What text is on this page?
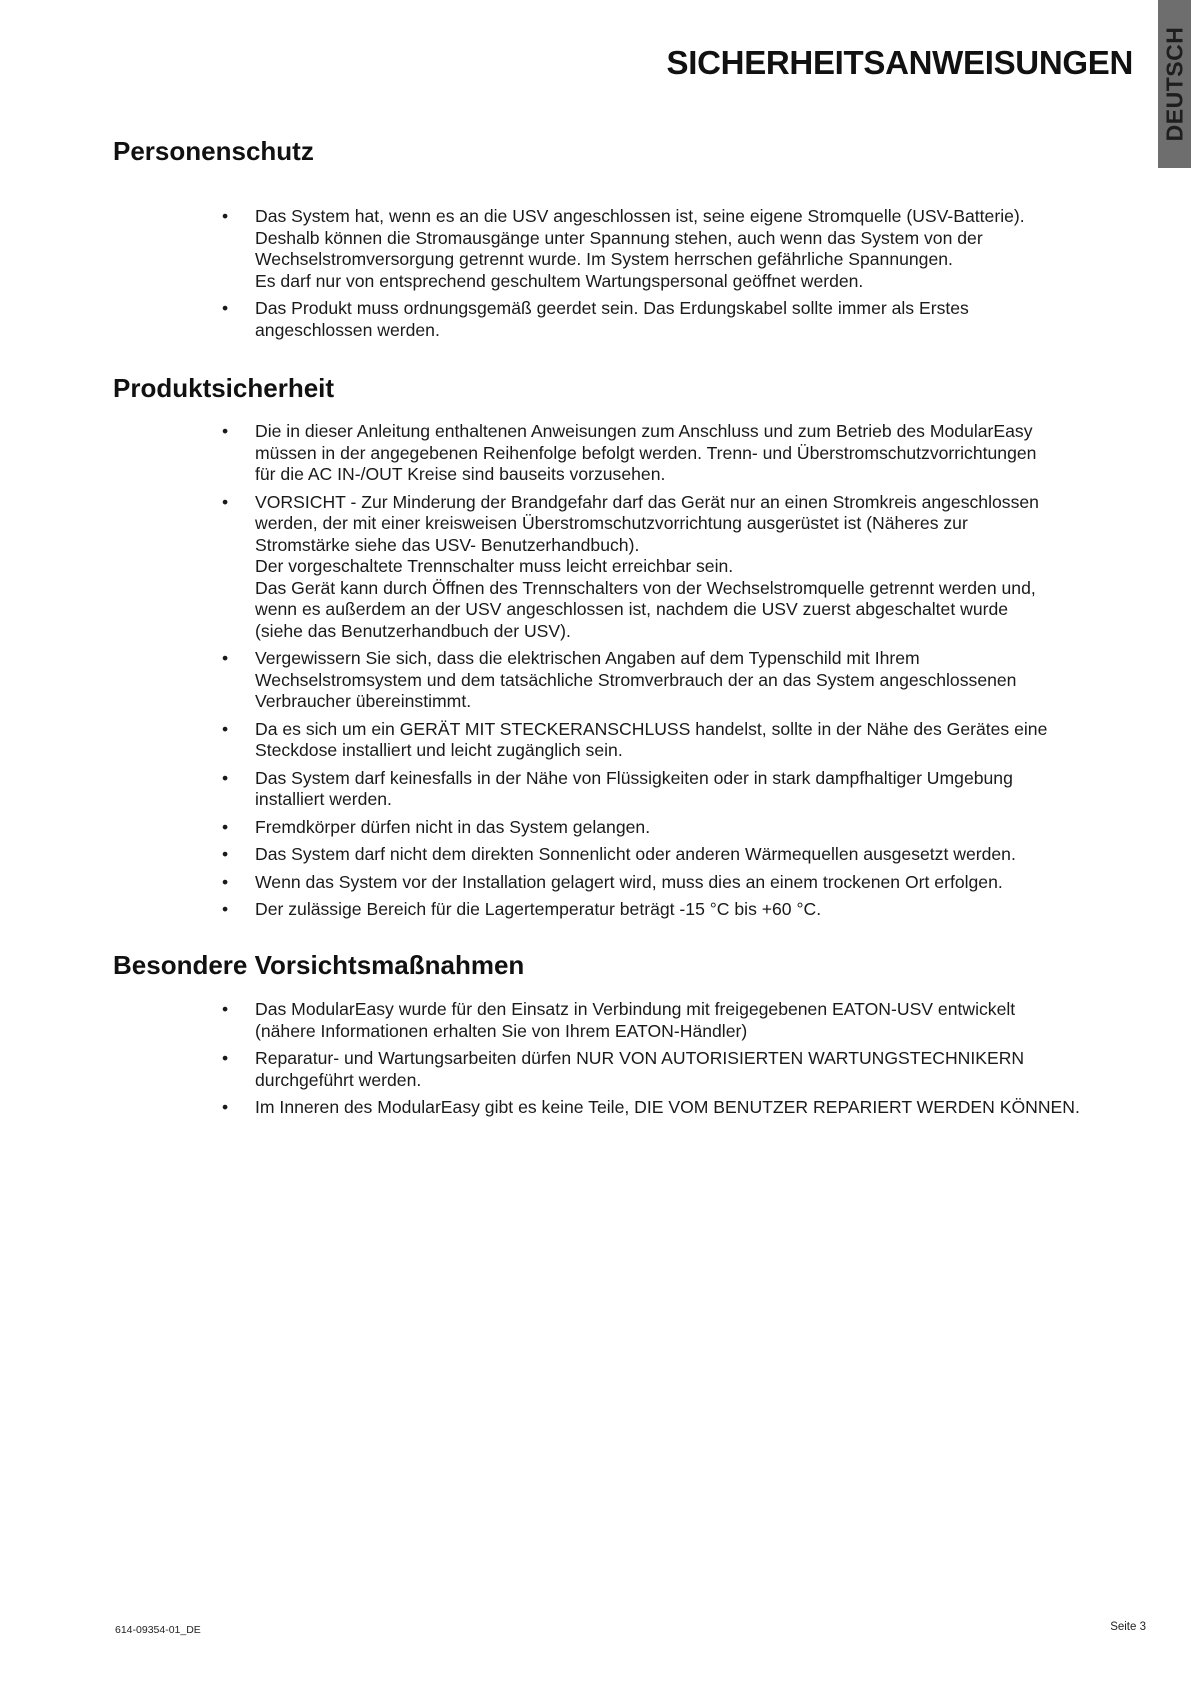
DEUTSCH
SICHERHEITSANWEISUNGEN
Personenschutz
• Das System hat, wenn es an die USV angeschlossen ist, seine eigene Stromquelle (USV-Batterie).
Deshalb können die Stromausgänge unter Spannung stehen, auch wenn das System von der
Wechselstromversorgung getrennt wurde. Im System herrschen gefährliche Spannungen.
Es darf nur von entsprechend geschultem Wartungspersonal geöffnet werden.
• Das Produkt muss ordnungsgemäß geerdet sein. Das Erdungskabel sollte immer als Erstes
angeschlossen werden.
Produktsicherheit
• Die in dieser Anleitung enthaltenen Anweisungen zum Anschluss und zum Betrieb des ModularEasy
müssen in der angegebenen Reihenfolge befolgt werden. Trenn- und Überstromschutzvorrichtungen
für die AC IN-/OUT Kreise sind bauseits vorzusehen.
• VORSICHT - Zur Minderung der Brandgefahr darf das Gerät nur an einen Stromkreis angeschlossen
werden, der mit einer kreisweisen Überstromschutzvorrichtung ausgerüstet ist (Näheres zur
Stromstärke siehe das USV- Benutzerhandbuch).
Der vorgeschaltete Trennschalter muss leicht erreichbar sein.
Das Gerät kann durch Öffnen des Trennschalters von der Wechselstromquelle getrennt werden und,
wenn es außerdem an der USV angeschlossen ist, nachdem die USV zuerst abgeschaltet wurde
(siehe das Benutzerhandbuch der USV).
• Vergewissern Sie sich, dass die elektrischen Angaben auf dem Typenschild mit Ihrem
Wechselstromsystem und dem tatsächliche Stromverbrauch der an das System angeschlossenen
Verbraucher übereinstimmt.
• Da es sich um ein GERÄT MIT STECKERANSCHLUSS handelst, sollte in der Nähe des Gerätes eine
Steckdose installiert und leicht zugänglich sein.
• Das System darf keinesfalls in der Nähe von Flüssigkeiten oder in stark dampfhaltiger Umgebung
installiert werden.
• Fremdkörper dürfen nicht in das System gelangen.
• Das System darf nicht dem direkten Sonnenlicht oder anderen Wärmequellen ausgesetzt werden.
• Wenn das System vor der Installation gelagert wird, muss dies an einem trockenen Ort erfolgen.
• Der zulässige Bereich für die Lagertemperatur beträgt -15 °C bis +60 °C.
Besondere Vorsichtsmaßnahmen
• Das ModularEasy wurde für den Einsatz in Verbindung mit freigegebenen EATON-USV entwickelt
(nähere Informationen erhalten Sie von Ihrem EATON-Händler)
• Reparatur- und Wartungsarbeiten dürfen NUR VON AUTORISIERTEN WARTUNGSTECHNIKERN
durchgeführt werden.
• Im Inneren des ModularEasy gibt es keine Teile, DIE VOM BENUTZER REPARIERT WERDEN KÖNNEN.
614-09354-01_DE	Seite 3
